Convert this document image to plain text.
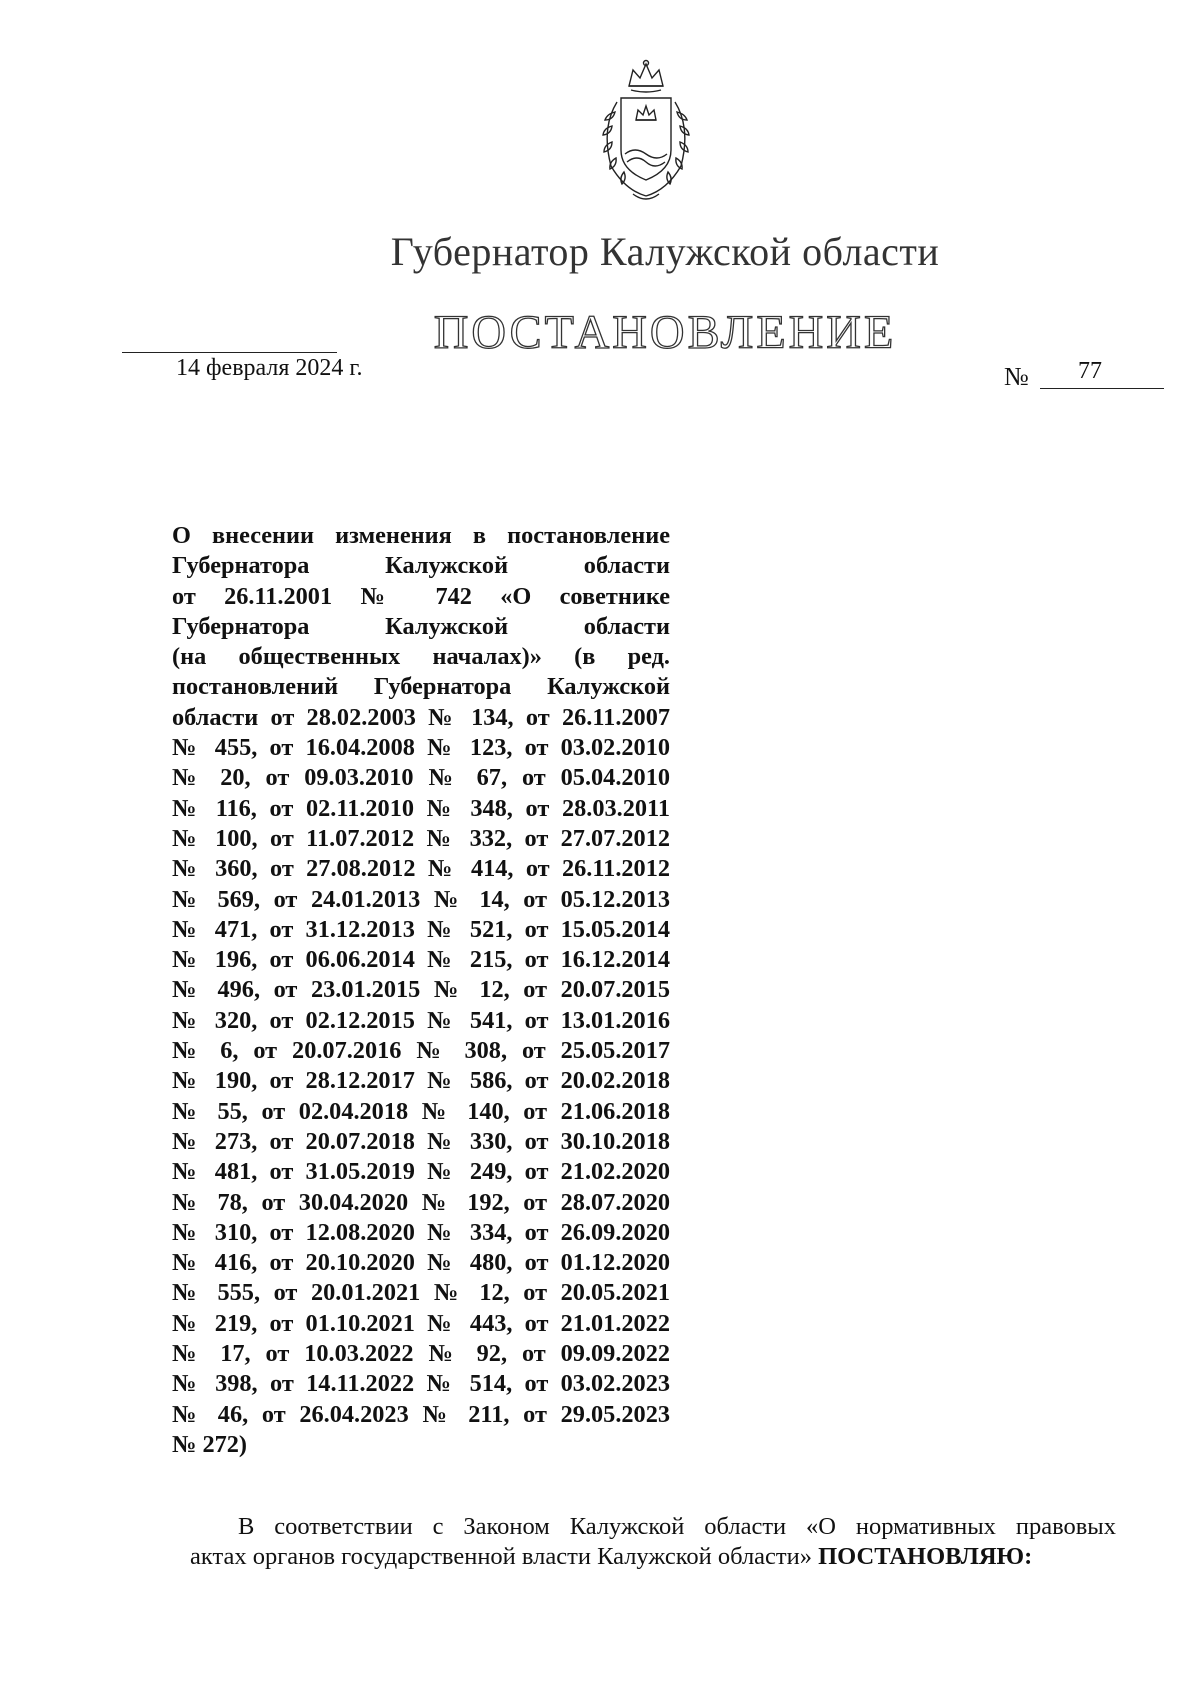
Губернатор Калужской области
ПОСТАНОВЛЕНИЕ
14 февраля 2024 г.	№ 77
О внесении изменения в постановление
Губернатора Калужской области
от 26.11.2001 № 742 «О советнике
Губернатора Калужской области
(на общественных началах)» (в ред.
постановлений Губернатора Калужской
области от 28.02.2003 № 134, от 26.11.2007
№ 455, от 16.04.2008 № 123, от 03.02.2010
№ 20, от 09.03.2010 № 67, от 05.04.2010
№ 116, от 02.11.2010 № 348, от 28.03.2011
№ 100, от 11.07.2012 № 332, от 27.07.2012
№ 360, от 27.08.2012 № 414, от 26.11.2012
№ 569, от 24.01.2013 № 14, от 05.12.2013
№ 471, от 31.12.2013 № 521, от 15.05.2014
№ 196, от 06.06.2014 № 215, от 16.12.2014
№ 496, от 23.01.2015 № 12, от 20.07.2015
№ 320, от 02.12.2015 № 541, от 13.01.2016
№ 6, от 20.07.2016 № 308, от 25.05.2017
№ 190, от 28.12.2017 № 586, от 20.02.2018
№ 55, от 02.04.2018 № 140, от 21.06.2018
№ 273, от 20.07.2018 № 330, от 30.10.2018
№ 481, от 31.05.2019 № 249, от 21.02.2020
№ 78, от 30.04.2020 № 192, от 28.07.2020
№ 310, от 12.08.2020 № 334, от 26.09.2020
№ 416, от 20.10.2020 № 480, от 01.12.2020
№ 555, от 20.01.2021 № 12, от 20.05.2021
№ 219, от 01.10.2021 № 443, от 21.01.2022
№ 17, от 10.03.2022 № 92, от 09.09.2022
№ 398, от 14.11.2022 № 514, от 03.02.2023
№ 46, от 26.04.2023 № 211, от 29.05.2023
№ 272)
В соответствии с Законом Калужской области «О нормативных правовых
актах органов государственной власти Калужской области» ПОСТАНОВЛЯЮ:
